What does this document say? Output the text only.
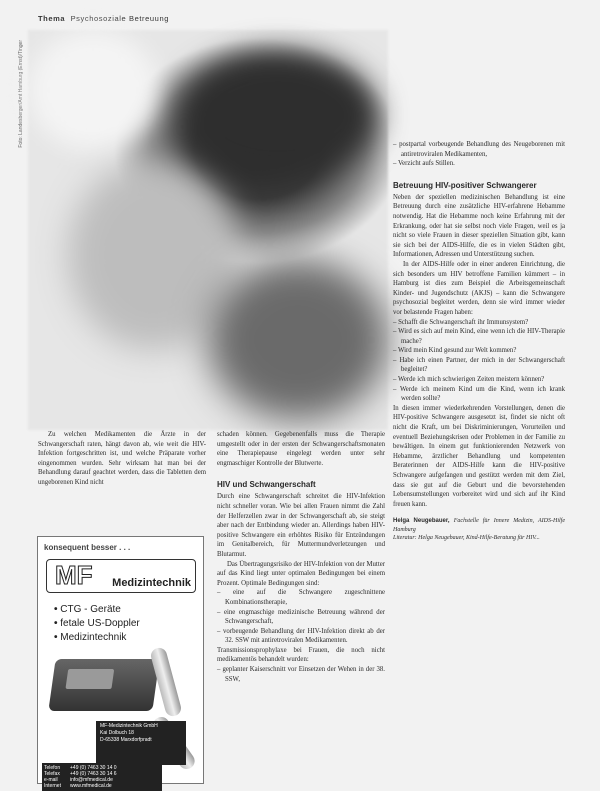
Thema Psychosoziale Betreuung
Foto: Landesberger/Amt Hamburg (Ernst)/Tinger

Zu welchen Medikamenten die Ärzte in der Schwangerschaft raten, hängt davon ab, wie weit die HIV-Infektion fortgeschritten ist, und welche Präparate vorher eingenommen wurden. Sehr wirksam hat man bei der Behandlung darauf geachtet werden, dass die Tabletten dem ungeborenen Kind nicht

konsequent besser . . .
MF Medizintechnik
• CTG - Geräte
• fetale US-Doppler
• Medizintechnik
MF-Medizintechnik GmbH
Kai Dolbuch 18
D-65338 Marxdorfpradt
Telefon +49 (0) 7463 30 14 0
Telefax +49 (0) 7463 30 14 6
e-mail info@mfmedical.de
Internet www.mfmedical.de

schaden können. Gegebenenfalls muss die Therapie umgestellt oder in der ersten der Schwangerschaftsmonaten eine Therapiepause eingelegt werden unter sehr engmaschiger Kontrolle der Blutwerte.

HIV und Schwangerschaft

Durch eine Schwangerschaft schreitet die HIV-Infektion nicht schneller voran. Wie bei allen Frauen nimmt die Zahl der Helferzellen zwar in der Schwangerschaft ab, sie steigt aber nach der Entbindung wieder an. Allerdings haben HIV-positive Schwangere ein erhöhtes Risiko für Entzündungen im Genitalbereich, für Muttermundverletzungen und Blutarmut.

Das Übertragungsrisiko der HIV-Infektion von der Mutter auf das Kind liegt unter optimalen Bedingungen bei einem Prozent. Optimale Bedingungen sind:

– eine auf die Schwangere zugeschnittene Kombinationstherapie,
– eine engmaschige medizinische Betreuung während der Schwangerschaft,
– vorbeugende Behandlung der HIV-Infektion direkt ab der 32. SSW mit antiretroviralen Medikamenten.

Transmissionsprophylaxe bei Frauen, die noch nicht medikamentös behandelt wurden:

– geplanter Kaiserschnitt vor Einsetzen der Wehen in der 38. SSW,
– postpartal vorbeugende Behandlung des Neugeborenen mit antiretroviralen Medikamenten,
– Verzicht aufs Stillen.
Betreuung HIV-positiver Schwangerer

Neben der speziellen medizinischen Behandlung ist eine Betreuung durch eine zusätzliche HIV-erfahrene Hebamme notwendig. Hat die Hebamme noch keine Erfahrung mit der Erkrankung, oder hat sie selbst noch viele Fragen, weil es ja nicht so viele Frauen in dieser speziellen Situation gibt, kann sie sich bei der AIDS-Hilfe, die es in vielen Städten gibt, Informationen, Adressen und Unterstützung suchen.

In der AIDS-Hilfe oder in einer anderen Einrichtung, die sich besonders um HIV betroffene Familien kümmert – in Hamburg ist dies zum Beispiel die Arbeitsgemeinschaft Kinder- und Jugendschutz (AKJS) – kann die Schwangere psychosozial begleitet werden, denn sie wird immer wieder vor belastende Fragen haben:

– Schafft die Schwangerschaft ihr Immunsystem?
– Wird es sich auf mein Kind, eine wenn ich die HIV-Therapie mache?
– Wird mein Kind gesund zur Welt kommen?
– Habe ich einen Partner, der mich in der Schwangerschaft begleitet?
– Werde ich mich schwierigen Zeiten meistern können?
– Werde ich meinem Kind um die Kind, wenn ich krank werden sollte?

In diesen immer wiederkehrenden Vorstellungen, denen die HIV-positive Schwangere ausgesetzt ist, findet sie nicht oft nicht die Kraft, um bei Diskriminierungen, Vorurteilen und eventuell Beziehungskrisen oder Problemen in der Familie zu bewältigen. In einem gut funktionierenden Netzwerk von Hebamme, ärztlicher Behandlung und kompetenten Beraterinnen der AIDS-Hilfe kann die HIV-positive Schwangere aufgefangen und gestützt werden mit dem Ziel, dass sie gut auf die Geburt und die bevorstehenden Lebensumstellungen vorbereitet wird und sich auf ihr Kind freuen kann.

Helga Neugebauer, Fachstelle für Innere Medizin, AIDS-Hilfe Hamburg
Literatur: Helga Neugebauer, Kind-Hilfe-Beratung für HIV...
